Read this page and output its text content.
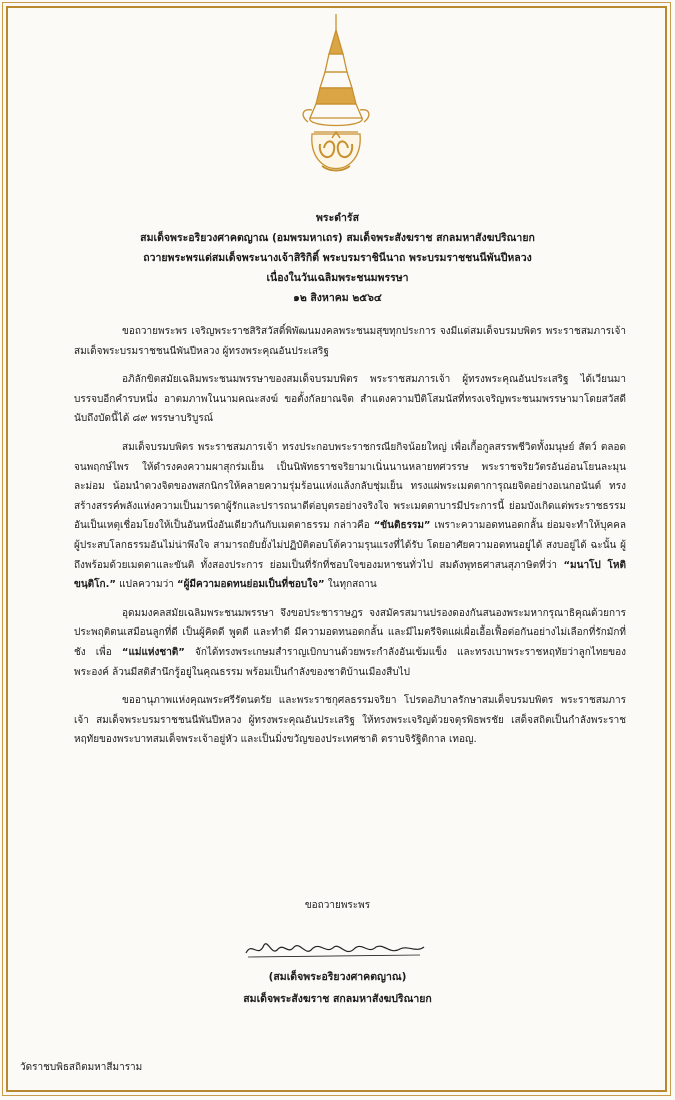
พระดำรัส
สมเด็จพระอริยวงศาคตญาณ (อมพรมหาเถร) สมเด็จพระสังฆราช สกลมหาสังฆปริณายก
ถวายพระพรแด่สมเด็จพระนางเจ้าสิริกิติ์ พระบรมราชินีนาถ พระบรมราชชนนีพันปีหลวง
เนื่องในวันเฉลิมพระชนมพรรษา
๑๒ สิงหาคม ๒๕๖๔

ขอถวายพระพร เจริญพระราชสิริสวัสดิ์พิพัฒนมงคลพระชนมสุขทุกประการ จงมีแด่สมเด็จบรมบพิตร พระราชสมภารเจ้า สมเด็จพระบรมราชชนนีพันปีหลวง ผู้ทรงพระคุณอันประเสริฐ

อภิลักขิตสมัยเฉลิมพระชนมพรรษาของสมเด็จบรมบพิตร พระราชสมภารเจ้า ผู้ทรงพระคุณอันประเสริฐ ได้เวียนมาบรรจบอีกคำรบหนึ่ง อาตมภาพในนามคณะสงฆ์ ขอตั้งกัลยาณจิต สำแดงความปีติโสมนัสที่ทรงเจริญพระชนมพรรษามาโดยสวัสดี นับถึงบัดนี้ได้ ๘๙ พรรษาบริบูรณ์

สมเด็จบรมบพิตร พระราชสมภารเจ้า ทรงประกอบพระราชกรณียกิจน้อยใหญ่ เพื่อเกื้อกูลสรรพชีวิตทั้งมนุษย์ สัตว์ ตลอดจนพฤกษ์ไพร ให้ดำรงคงความผาสุกร่มเย็น เป็นนิพัทธราชจริยามาเนิ่นนานหลายทศวรรษ พระราชจริยวัตรอันอ่อนโยนละมุนละม่อม น้อมนำดวงจิตของพสกนิกรให้คลายความรุ่มร้อนแห่งแล้งกลับชุ่มเย็น ทรงแผ่พระเมตตาการุณยจิตอย่างอเนกอนันต์ ทรงสร้างสรรค์พลังแห่งความเป็นมารดาผู้รักและปรารถนาดีต่อบุตรอย่างจริงใจ พระเมตตาบารมีประการนี้ ย่อมบังเกิดแต่พระราชธรรมอันเป็นเหตุเชื่อมโยงให้เป็นอันหนึ่งอันเดียวกันกับเมตตาธรรม กล่าวคือ “ขันติธรรม” เพราะความอดทนอดกลั้น ย่อมจะทำให้บุคคลผู้ประสบโลกธรรมอันไม่น่าพึงใจ สามารถยับยั้งไม่ปฏิบัติตอบโต้ความรุนแรงที่ได้รับ โดยอาศัยความอดทนอยู่ได้ สงบอยู่ได้ ฉะนั้น ผู้ถึงพร้อมด้วยเมตตาและขันติ ทั้งสองประการ ย่อมเป็นที่รักที่ชอบใจของมหาชนทั่วไป สมดังพุทธศาสนสุภาษิตที่ว่า “มนาโป โหติ ขนฺติโก.” แปลความว่า “ผู้มีความอดทนย่อมเป็นที่ชอบใจ” ในทุกสถาน

อุดมมงคลสมัยเฉลิมพระชนมพรรษา จึงขอประชาราษฎร จงสมัครสมานปรองดองกันสนองพระมหากรุณาธิคุณด้วยการประพฤติตนเสมือนลูกที่ดี เป็นผู้คิดดี พูดดี และทำดี มีความอดทนอดกลั้น และมีไมตรีจิตแผ่เผื่อเอื้อเฟื้อต่อกันอย่างไม่เลือกที่รักมักที่ชัง เพื่อ “แม่แห่งชาติ” จักได้ทรงพระเกษมสำราญเบิกบานด้วยพระกำลังอันเข้มแข็ง และทรงเบาพระราชหฤทัยว่าลูกไทยของพระองค์ ล้วนมีสติสำนึกรู้อยู่ในคุณธรรม พร้อมเป็นกำลังของชาติบ้านเมืองสืบไป

ขออานุภาพแห่งคุณพระศรีรัตนตรัย และพระราชกุศลธรรมจริยา โปรดอภิบาลรักษาสมเด็จบรมบพิตร พระราชสมภารเจ้า สมเด็จพระบรมราชชนนีพันปีหลวง ผู้ทรงพระคุณอันประเสริฐ ให้ทรงพระเจริญด้วยจตุรพิธพรชัย เสด็จสถิตเป็นกำลังพระราชหฤทัยของพระบาทสมเด็จพระเจ้าอยู่หัว และเป็นมิ่งขวัญของประเทศชาติ ตราบจิรัฐิติกาล เทอญ.

ขอถวายพระพร
(สมเด็จพระอริยวงศาคตญาณ)
สมเด็จพระสังฆราช สกลมหาสังฆปริณายก
วัดราชบพิธสถิตมหาสีมาราม
